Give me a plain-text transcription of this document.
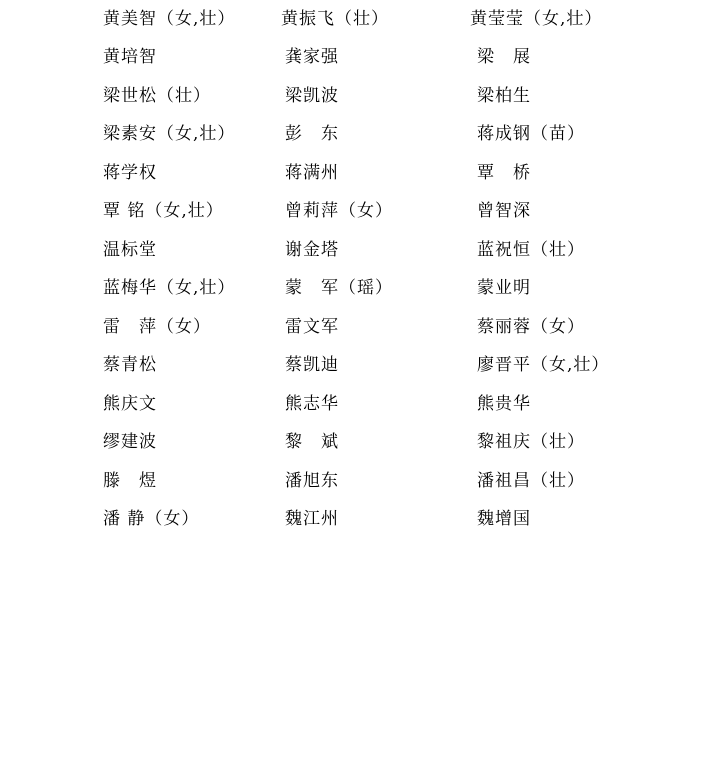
黄美智（女,壮）	黄振飞（壮）	黄莹莹（女,壮）
黄培智	龚家强	梁　展
梁世松（壮）	梁凯波	梁柏生
梁素安（女,壮）	彭　东	蒋成钢（苗）
蒋学权	蒋满州	覃　桥
覃 铭（女,壮）	曾莉萍（女）	曾智深
温标堂	谢金塔	蓝祝恒（壮）
蓝梅华（女,壮）	蒙　军（瑶）	蒙业明
雷　萍（女）	雷文军	蔡丽蓉（女）
蔡青松	蔡凯迪	廖晋平（女,壮）
熊庆文	熊志华	熊贵华
缪建波	黎　斌	黎祖庆（壮）
滕　煜	潘旭东	潘祖昌（壮）
潘 静（女）	魏江州	魏增国
